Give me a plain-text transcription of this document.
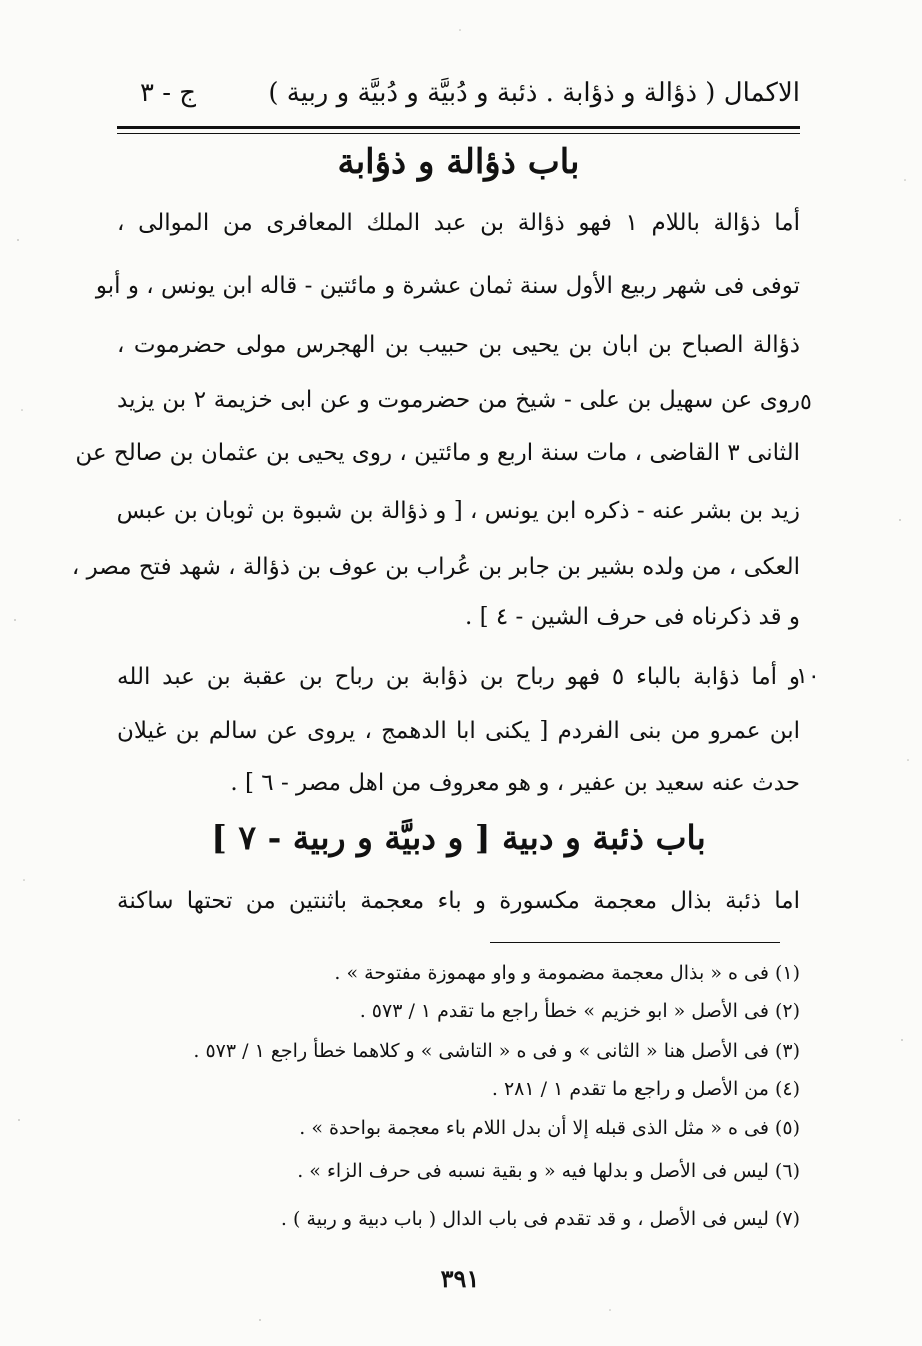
الاكمال ( ذؤالة و ذؤابة . ذئبة و دُبيَّة و دُبيَّة و ربية )
ج - ٣
باب ذؤالة و ذؤابة
أما ذؤالة باللام ١ فهو ذؤالة بن عبد الملك المعافرى من الموالى ،
توفى فى شهر ربيع الأول سنة ثمان عشرة و مائتين - قاله ابن يونس ، و أبو
ذؤالة الصباح بن ابان بن يحيى بن حبيب بن الهجرس مولى حضرموت ،
روى عن سهيل بن على - شيخ من حضرموت و عن ابى خزيمة ٢ بن يزيد
الثانى ٣ القاضى ، مات سنة اربع و مائتين ، روى يحيى بن عثمان بن صالح عن
زيد بن بشر عنه - ذكره ابن يونس ، [ و ذؤالة بن شبوة بن ثوبان بن عبس
العكى ، من ولده بشير بن جابر بن عُراب بن عوف بن ذؤالة ، شهد فتح مصر ،
و قد ذكرناه فى حرف الشين - ٤ ] .
و أما ذؤابة بالباء ٥ فهو رباح بن ذؤابة بن رباح بن عقبة بن عبد الله
ابن عمرو من بنى الفردم [ يكنى ابا الدهمج ، يروى عن سالم بن غيلان
حدث عنه سعيد بن عفير ، و هو معروف من اهل مصر - ٦ ] .
٥
١٠
باب ذئبة و دبية [ و دبيَّة و ربية - ٧ ]
اما ذئبة بذال معجمة مكسورة و باء معجمة باثنتين من تحتها ساكنة
(١) فى ه « بذال معجمة مضمومة و واو مهموزة مفتوحة » .
(٢) فى الأصل « ابو خزيم » خطأ راجع ما تقدم ١ / ٥٧٣ .
(٣) فى الأصل هنا « الثانى » و فى ه « التاشى » و كلاهما خطأ راجع ١ / ٥٧٣ .
(٤) من الأصل و راجع ما تقدم ١ / ٢٨١ .
(٥) فى ه « مثل الذى قبله إلا أن بدل اللام باء معجمة بواحدة » .
(٦) ليس فى الأصل و بدلها فيه « و بقية نسبه فى حرف الزاء » .
(٧) ليس فى الأصل ، و قد تقدم فى باب الدال ( باب دبية و ربية ) .
٣٩١
